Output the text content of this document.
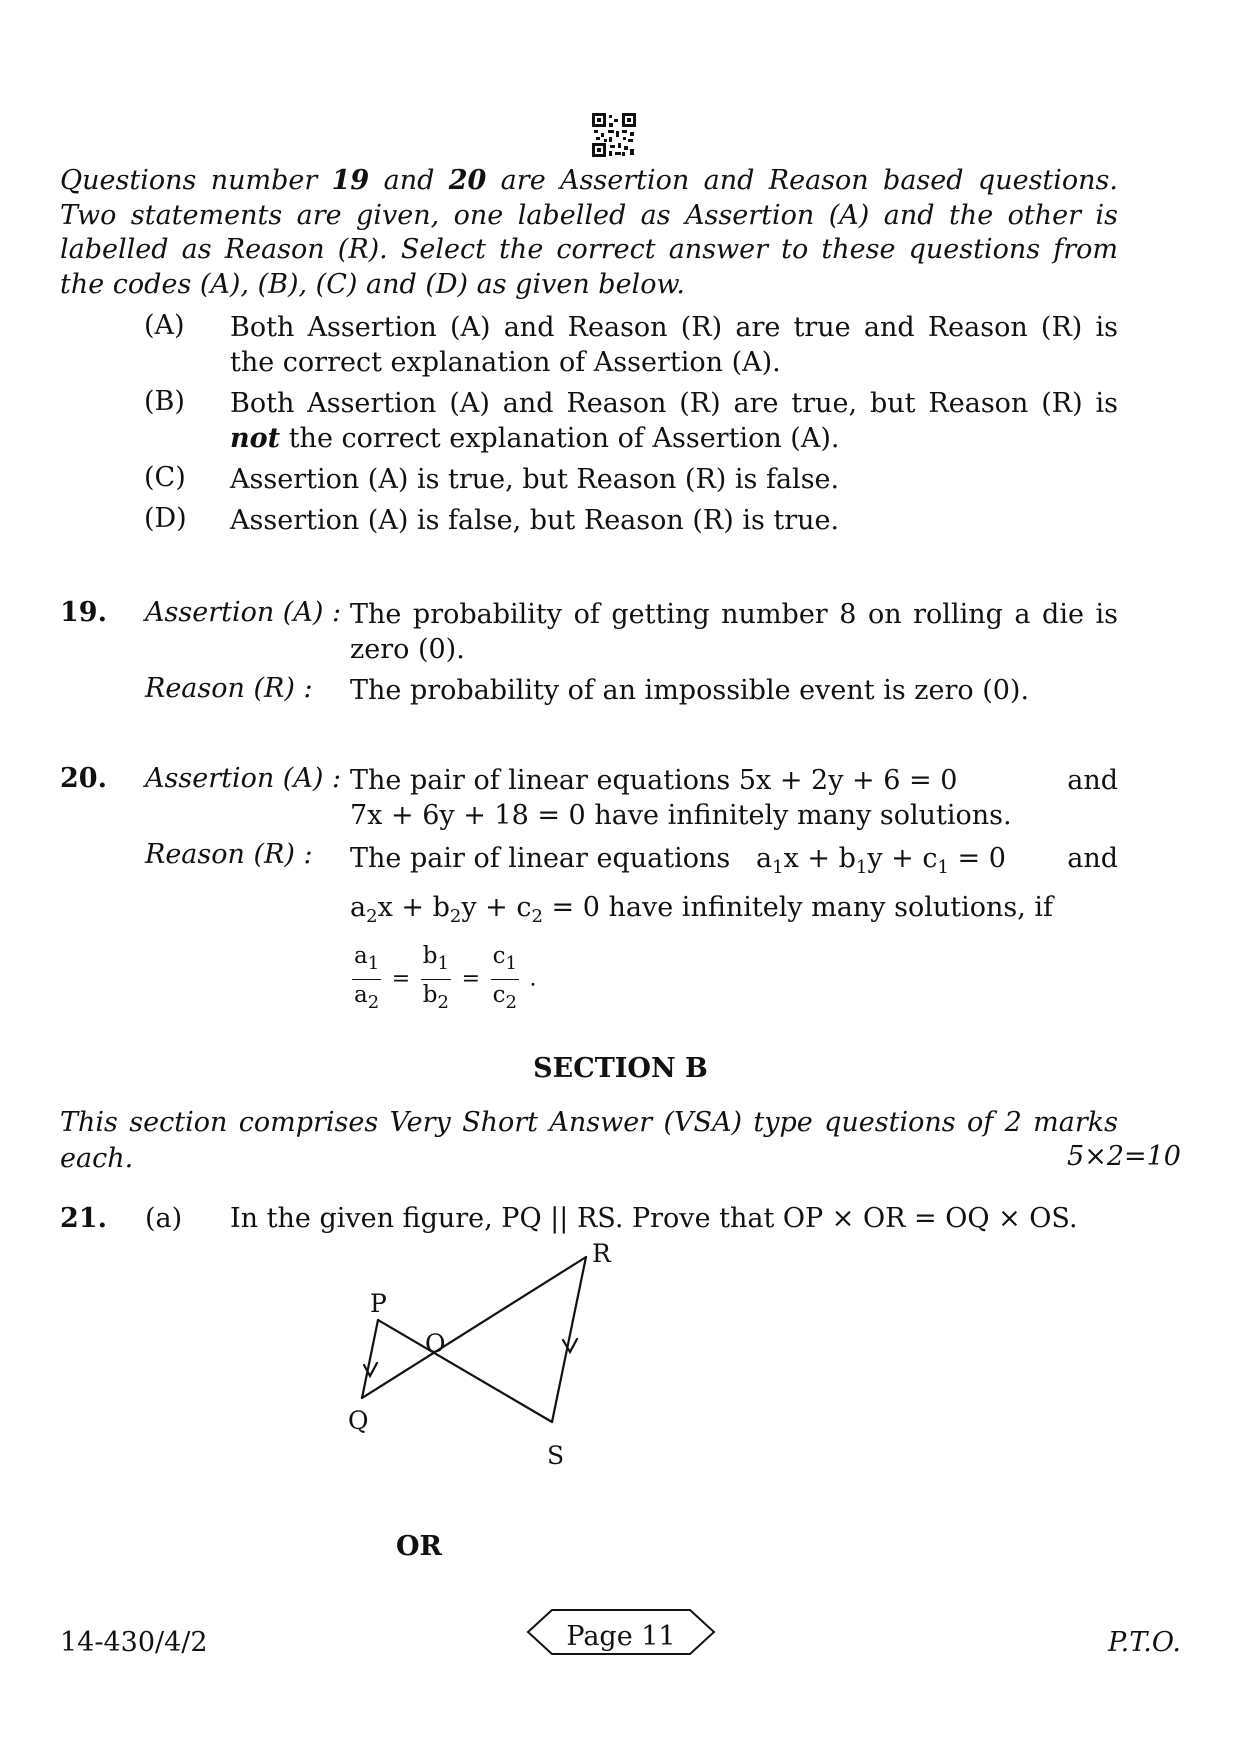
Questions number 19 and 20 are Assertion and Reason based questions. Two statements are given, one labelled as Assertion (A) and the other is labelled as Reason (R). Select the correct answer to these questions from the codes (A), (B), (C) and (D) as given below.

(A) Both Assertion (A) and Reason (R) are true and Reason (R) is the correct explanation of Assertion (A).

(B) Both Assertion (A) and Reason (R) are true, but Reason (R) is not the correct explanation of Assertion (A).

(C) Assertion (A) is true, but Reason (R) is false.

(D) Assertion (A) is false, but Reason (R) is true.

19. Assertion (A) : The probability of getting number 8 on rolling a die is zero (0).

Reason (R) : The probability of an impossible event is zero (0).

20. Assertion (A) : The pair of linear equations 5x + 2y + 6 = 0	and
7x + 6y + 18 = 0 have infinitely many solutions.
Reason (R) : The pair of linear equations $a_1x + b_1y + c_1 = 0$ and
$a_2x + b_2y + c_2 = 0$ have infinitely many solutions, if
$\frac{a_1}{a_2} = \frac{b_1}{b_2} = \frac{c_1}{c_2}$ .
SECTION B

This section comprises Very Short Answer (VSA) type questions of 2 marks each.	5×2=10
21. (a) In the given figure, PQ || RS. Prove that OP × OR = OQ × OS.

P
Q
R
S
O
OR
14-430/4/2	Page 11	P.T.O.
